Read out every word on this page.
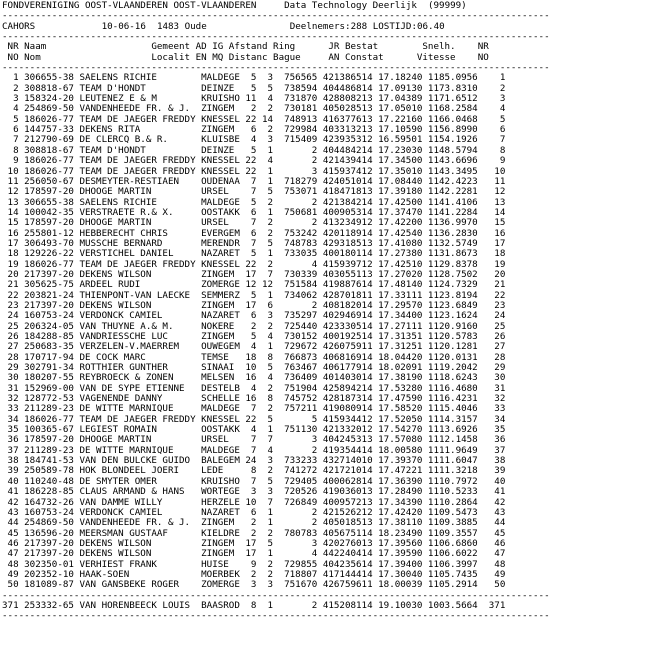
FONDVERENIGING OOST-VLAANDEREN OOST-VLAANDEREN	Data Technology Deerlijk (99999)
---------------------------------------------------------------------------------------------------
CAHORS	10-06-16 1483 Oude	Deelnemers:288 LOSTIJD:06.40
---------------------------------------------------------------------------------------------------
NR Naam                   Gemeent AD IG Afstand Ring      JR Bestat        Snelh.    NR
NO Nom                    Localit EN MQ Distanc Bague     AN Constat      Vitesse    NO
---------------------------------------------------------------------------------------------------
1 306655-38 SAELENS RICHIE        MALDEGE  5  3  756565 421386514 17.18240 1185.0956    1
2 308818-67 TEAM D'HONDT          DEINZE   5  5  738594 404486814 17.09130 1173.8310    2
3 158324-20 LEUTENEZ E & M        KRUISHO 11  4  731870 428808213 17.04389 1171.6512    3
4 254869-50 VANDENHEEDE FR. & J.  ZINGEM   2  2  730181 405028513 17.05010 1168.2584    4
5 186026-77 TEAM DE JAEGER FREDDY KNESSEL 22 14  748913 416377613 17.22160 1166.0468    5
6 144757-33 DEKENS RITA           ZINGEM   6  2  729984 403313213 17.10590 1156.8990    6
7 212790-69 DE CLERCQ B.& R.      KLUISBE  4  3  715409 423935312 16.59501 1154.1926    7
8 308818-67 TEAM D'HONDT          DEINZE   5  1       2 404484214 17.23030 1148.5794    8
9 186026-77 TEAM DE JAEGER FREDDY KNESSEL 22  4       2 421439414 17.34500 1143.6696    9
10 186026-77 TEAM DE JAEGER FREDDY KNESSEL 22  1       3 415937412 17.35010 1143.3495   10
11 256050-67 DESMEYTER-RESTIAEN    OUDENAA  7  1  718279 424051014 17.08440 1142.4223   11
12 178597-20 DHOOGE MARTIN         URSEL    7  5  753071 418471813 17.39180 1142.2281   12
13 306655-38 SAELENS RICHIE        MALDEGE  5  2       2 421384214 17.42500 1141.4106   13
14 100042-35 VERSTRAETE R.& X.     OOSTAKK  6  1  750681 400905314 17.37470 1141.2284   14
15 178597-20 DHOOGE MARTIN         URSEL    7  2       2 413234912 17.42200 1136.9970   15
16 255801-12 HEBBERECHT CHRIS      EVERGEM  6  2  753242 420118914 17.42540 1136.2830   16
17 306493-70 MUSSCHE BERNARD       MERENDR  7  5  748783 429318513 17.41080 1132.5749   17
18 129226-22 VERSTICHEL DANIEL     NAZARET  5  1  733035 400180114 17.27380 1131.8673   18
19 186026-77 TEAM DE JAEGER FREDDY KNESSEL 22  2       4 415939712 17.42510 1129.8378   19
20 217397-20 DEKENS WILSON         ZINGEM  17  7  730339 403055113 17.27020 1128.7502   20
21 305625-75 ARDEEL RUDI           ZOMERGE 12 12  751584 419887614 17.48140 1124.7329   21
22 203821-24 THIENPONT-VAN LAECKE  SEMMERZ  5  1  734062 428701811 17.33111 1123.8194   22
23 217397-20 DEKENS WILSON         ZINGEM  17  6       2 408182014 17.29570 1123.6849   23
24 160753-24 VERDONCK CAMIEL       NAZARET  6  3  735297 402946914 17.34400 1123.1624   24
25 206324-05 VAN THUYNE A.& M.     NOKERE   2  2  725440 423330514 17.27111 1120.9160   25
26 184288-85 VANDRIESSCHE LUC      ZINGEM   5  4  730152 400192514 17.31351 1120.5783   26
27 250683-35 VERZELEN-V.MAERREM    OUWEGEM  4  1  729672 426075911 17.31251 1120.1281   27
28 170717-94 DE COCK MARC          TEMSE   18  8  766873 406816914 18.04420 1120.0131   28
29 302791-34 ROTTHIER GUNTHER      SINAAI  10  5  763467 406177914 18.02091 1119.2042   29
30 180207-55 REYBROECK & ZONEN     MELSEN  16  4  736409 401403014 17.38190 1118.6243   30
31 152969-00 VAN DE SYPE ETIENNE   DESTELB  4  2  751904 425894214 17.53280 1116.4680   31
32 128772-53 VAGENENDE DANNY       SCHELLE 16  8  745752 428187314 17.47590 1116.4231   32
33 211289-23 DE WITTE MARNIQUE     MALDEGE  7  2  757211 419080914 17.58520 1115.4046   33
34 186026-77 TEAM DE JAEGER FREDDY KNESSEL 22  5       5 415934412 17.52050 1114.3157   34
35 100365-67 LEGIEST ROMAIN        OOSTAKK  4  1  751130 421332012 17.54270 1113.6926   35
36 178597-20 DHOOGE MARTIN         URSEL    7  7       3 404245313 17.57080 1112.1458   36
37 211289-23 DE WITTE MARNIQUE     MALDEGE  7  4       2 419354414 18.00580 1111.9649   37
38 184741-53 VAN DEN BULCKE GUIDO  BALEGEM 24  3  733233 432714010 17.39370 1111.6047   38
39 250589-78 HOK BLONDEEL JOERI    LEDE     8  2  741272 421721014 17.47221 1111.3218   39
40 110240-48 DE SMYTER OMER        KRUISHO  7  5  729405 400062814 17.36390 1110.7972   40
41 186228-85 CLAUS ARMAND & HANS   WORTEGE  3  3  720526 419036013 17.28490 1110.5233   41
42 164732-26 VAN DAMME WILLY       HERZELE 10  7  726849 400957213 17.34390 1110.2864   42
43 160753-24 VERDONCK CAMIEL       NAZARET  6  1       2 421526212 17.42420 1109.5473   43
44 254869-50 VANDENHEEDE FR. & J.  ZINGEM   2  1       2 405018513 17.38110 1109.3885   44
45 136596-20 MEERSMAN GUSTAAF      KIELDRE  2  2  780783 405675114 18.23490 1109.3557   45
46 217397-20 DEKENS WILSON         ZINGEM  17  5       3 420276013 17.39560 1106.6860   46
47 217397-20 DEKENS WILSON         ZINGEM  17  1       4 442240414 17.39590 1106.6022   47
48 302350-01 VERHIEST FRANK        HUISE    9  2  729855 404235614 17.39400 1106.3997   48
49 202352-10 HAAK-SOEN             MOERBEK  2  2  718807 417144414 17.30040 1105.7435   49
50 181089-87 VAN GANSBEKE ROGER    ZOMERGE  3  3  751670 426759611 18.00039 1105.2914   50
---------------------------------------------------------------------------------------------------
371 253332-65 VAN HORENBEECK LOUIS  BAASROD  8  1       2 415208114 19.10030 1003.5664  371
---------------------------------------------------------------------------------------------------
